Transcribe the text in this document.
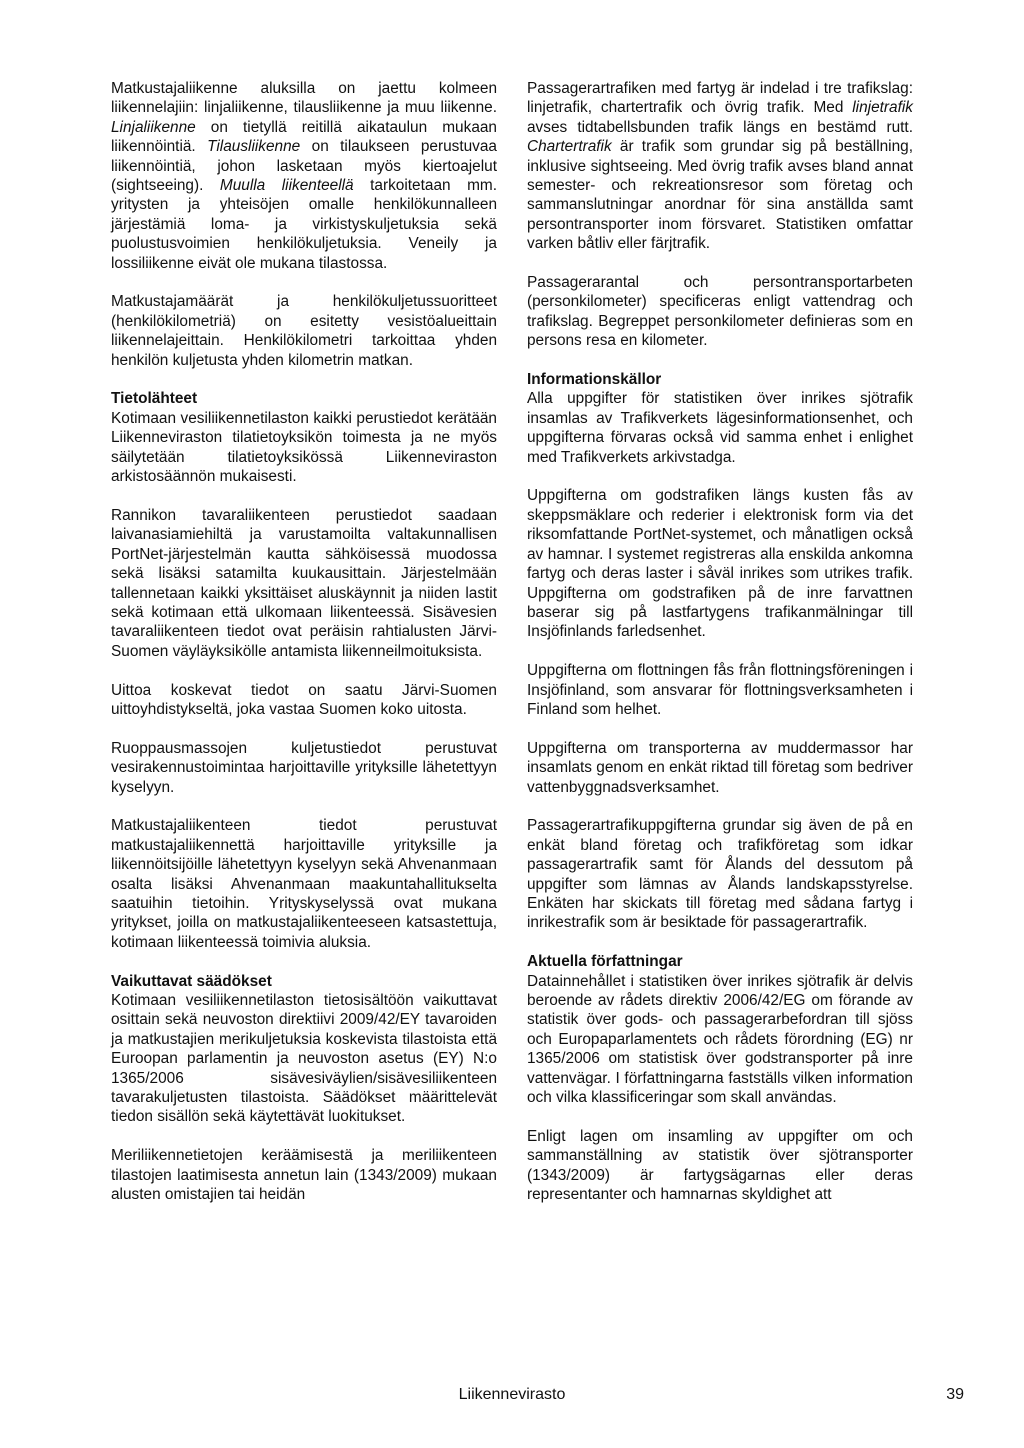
Matkustajaliikenne aluksilla on jaettu kolmeen liikennelajiin: linjaliikenne, tilausliikenne ja muu liikenne. Linjaliikenne on tietyllä reitillä aikataulun mukaan liikennöintiä. Tilausliikenne on tilaukseen perustuvaa liikennöintiä, johon lasketaan myös kiertoajelut (sightseeing). Muulla liikenteellä tarkoitetaan mm. yritysten ja yhteisöjen omalle henkilökunnalleen järjestämiä loma- ja virkistyskuljetuksia sekä puolustusvoimien henkilökuljetuksia. Veneily ja lossiliikenne eivät ole mukana tilastossa.

Matkustajamäärät ja henkilökuljetussuoritteet (henkilökilometriä) on esitetty vesistöalueittain liikennelajeittain. Henkilökilometri tarkoittaa yhden henkilön kuljetusta yhden kilometrin matkan.

Tietolähteet

Kotimaan vesiliikennetilaston kaikki perustiedot kerätään Liikenneviraston tilatietoyksikön toimesta ja ne myös säilytetään tilatietoyksikössä Liikenneviraston arkistosäännön mukaisesti.

Rannikon tavaraliikenteen perustiedot saadaan laivanasiamiehiltä ja varustamoilta valtakunnallisen PortNet-järjestelmän kautta sähköisessä muodossa sekä lisäksi satamilta kuukausittain. Järjestelmään tallennetaan kaikki yksittäiset aluskäynnit ja niiden lastit sekä kotimaan että ulkomaan liikenteessä. Sisävesien tavaraliikenteen tiedot ovat peräisin rahtialusten Järvi-Suomen väyläyksikölle antamista liikenneilmoituksista.

Uittoa koskevat tiedot on saatu Järvi-Suomen uittoyhdistykseltä, joka vastaa Suomen koko uitosta.

Ruoppausmassojen kuljetustiedot perustuvat vesirakennustoimintaa harjoittaville yrityksille lähetettyyn kyselyyn.

Matkustajaliikenteen tiedot perustuvat matkustajaliikennettä harjoittaville yrityksille ja liikennöitsijöille lähetettyyn kyselyyn sekä Ahvenanmaan osalta lisäksi Ahvenanmaan maakuntahallitukselta saatuihin tietoihin. Yrityskyselyssä ovat mukana yritykset, joilla on matkustajaliikenteeseen katsastettuja, kotimaan liikenteessä toimivia aluksia.

Vaikuttavat säädökset

Kotimaan vesiliikennetilaston tietosisältöön vaikuttavat osittain sekä neuvoston direktiivi 2009/42/EY tavaroiden ja matkustajien merikuljetuksia koskevista tilastoista että Euroopan parlamentin ja neuvoston asetus (EY) N:o 1365/2006 sisävesiväylien/sisävesiliikenteen tavarakuljetusten tilastoista. Säädökset määrittelevät tiedon sisällön sekä käytettävät luokitukset.

Meriliikennetietojen keräämisestä ja meriliikenteen tilastojen laatimisesta annetun lain (1343/2009) mukaan alusten omistajien tai heidän

Passagerartrafiken med fartyg är indelad i tre trafikslag: linjetrafik, chartertrafik och övrig trafik. Med linjetrafik avses tidtabellsbunden trafik längs en bestämd rutt. Chartertrafik är trafik som grundar sig på beställning, inklusive sightseeing. Med övrig trafik avses bland annat semester- och rekreationsresor som företag och sammanslutningar anordnar för sina anställda samt persontransporter inom försvaret. Statistiken omfattar varken båtliv eller färjtrafik.

Passagerarantal och persontransportarbeten (personkilometer) specificeras enligt vattendrag och trafikslag. Begreppet personkilometer definieras som en persons resa en kilometer.

Informationskällor

Alla uppgifter för statistiken över inrikes sjötrafik insamlas av Trafikverkets lägesinformationsenhet, och uppgifterna förvaras också vid samma enhet i enlighet med Trafikverkets arkivstadga.

Uppgifterna om godstrafiken längs kusten fås av skeppsmäklare och rederier i elektronisk form via det riksomfattande PortNet-systemet, och månatligen också av hamnar. I systemet registreras alla enskilda ankomna fartyg och deras laster i såväl inrikes som utrikes trafik. Uppgifterna om godstrafiken på de inre farvattnen baserar sig på lastfartygens trafikanmälningar till Insjöfinlands farledsenhet.

Uppgifterna om flottningen fås från flottningsföreningen i Insjöfinland, som ansvarar för flottningsverksamheten i Finland som helhet.

Uppgifterna om transporterna av muddermassor har insamlats genom en enkät riktad till företag som bedriver vattenbyggnadsverksamhet.

Passagerartrafikuppgifterna grundar sig även de på en enkät bland företag och trafikföretag som idkar passagerartrafik samt för Ålands del dessutom på uppgifter som lämnas av Ålands landskapsstyrelse. Enkäten har skickats till företag med sådana fartyg i inrikestrafik som är besiktade för passagerartrafik.

Aktuella författningar

Datainnehållet i statistiken över inrikes sjötrafik är delvis beroende av rådets direktiv 2006/42/EG om förande av statistik över gods- och passagerarbefordran till sjöss och Europaparlamentets och rådets förordning (EG) nr 1365/2006 om statistisk över godstransporter på inre vattenvägar. I författningarna fastställs vilken information och vilka klassificeringar som skall användas.

Enligt lagen om insamling av uppgifter om och sammanställning av statistik över sjötransporter (1343/2009) är fartygsägarnas eller deras representanter och hamnarnas skyldighet att

Liikennevirasto	39
